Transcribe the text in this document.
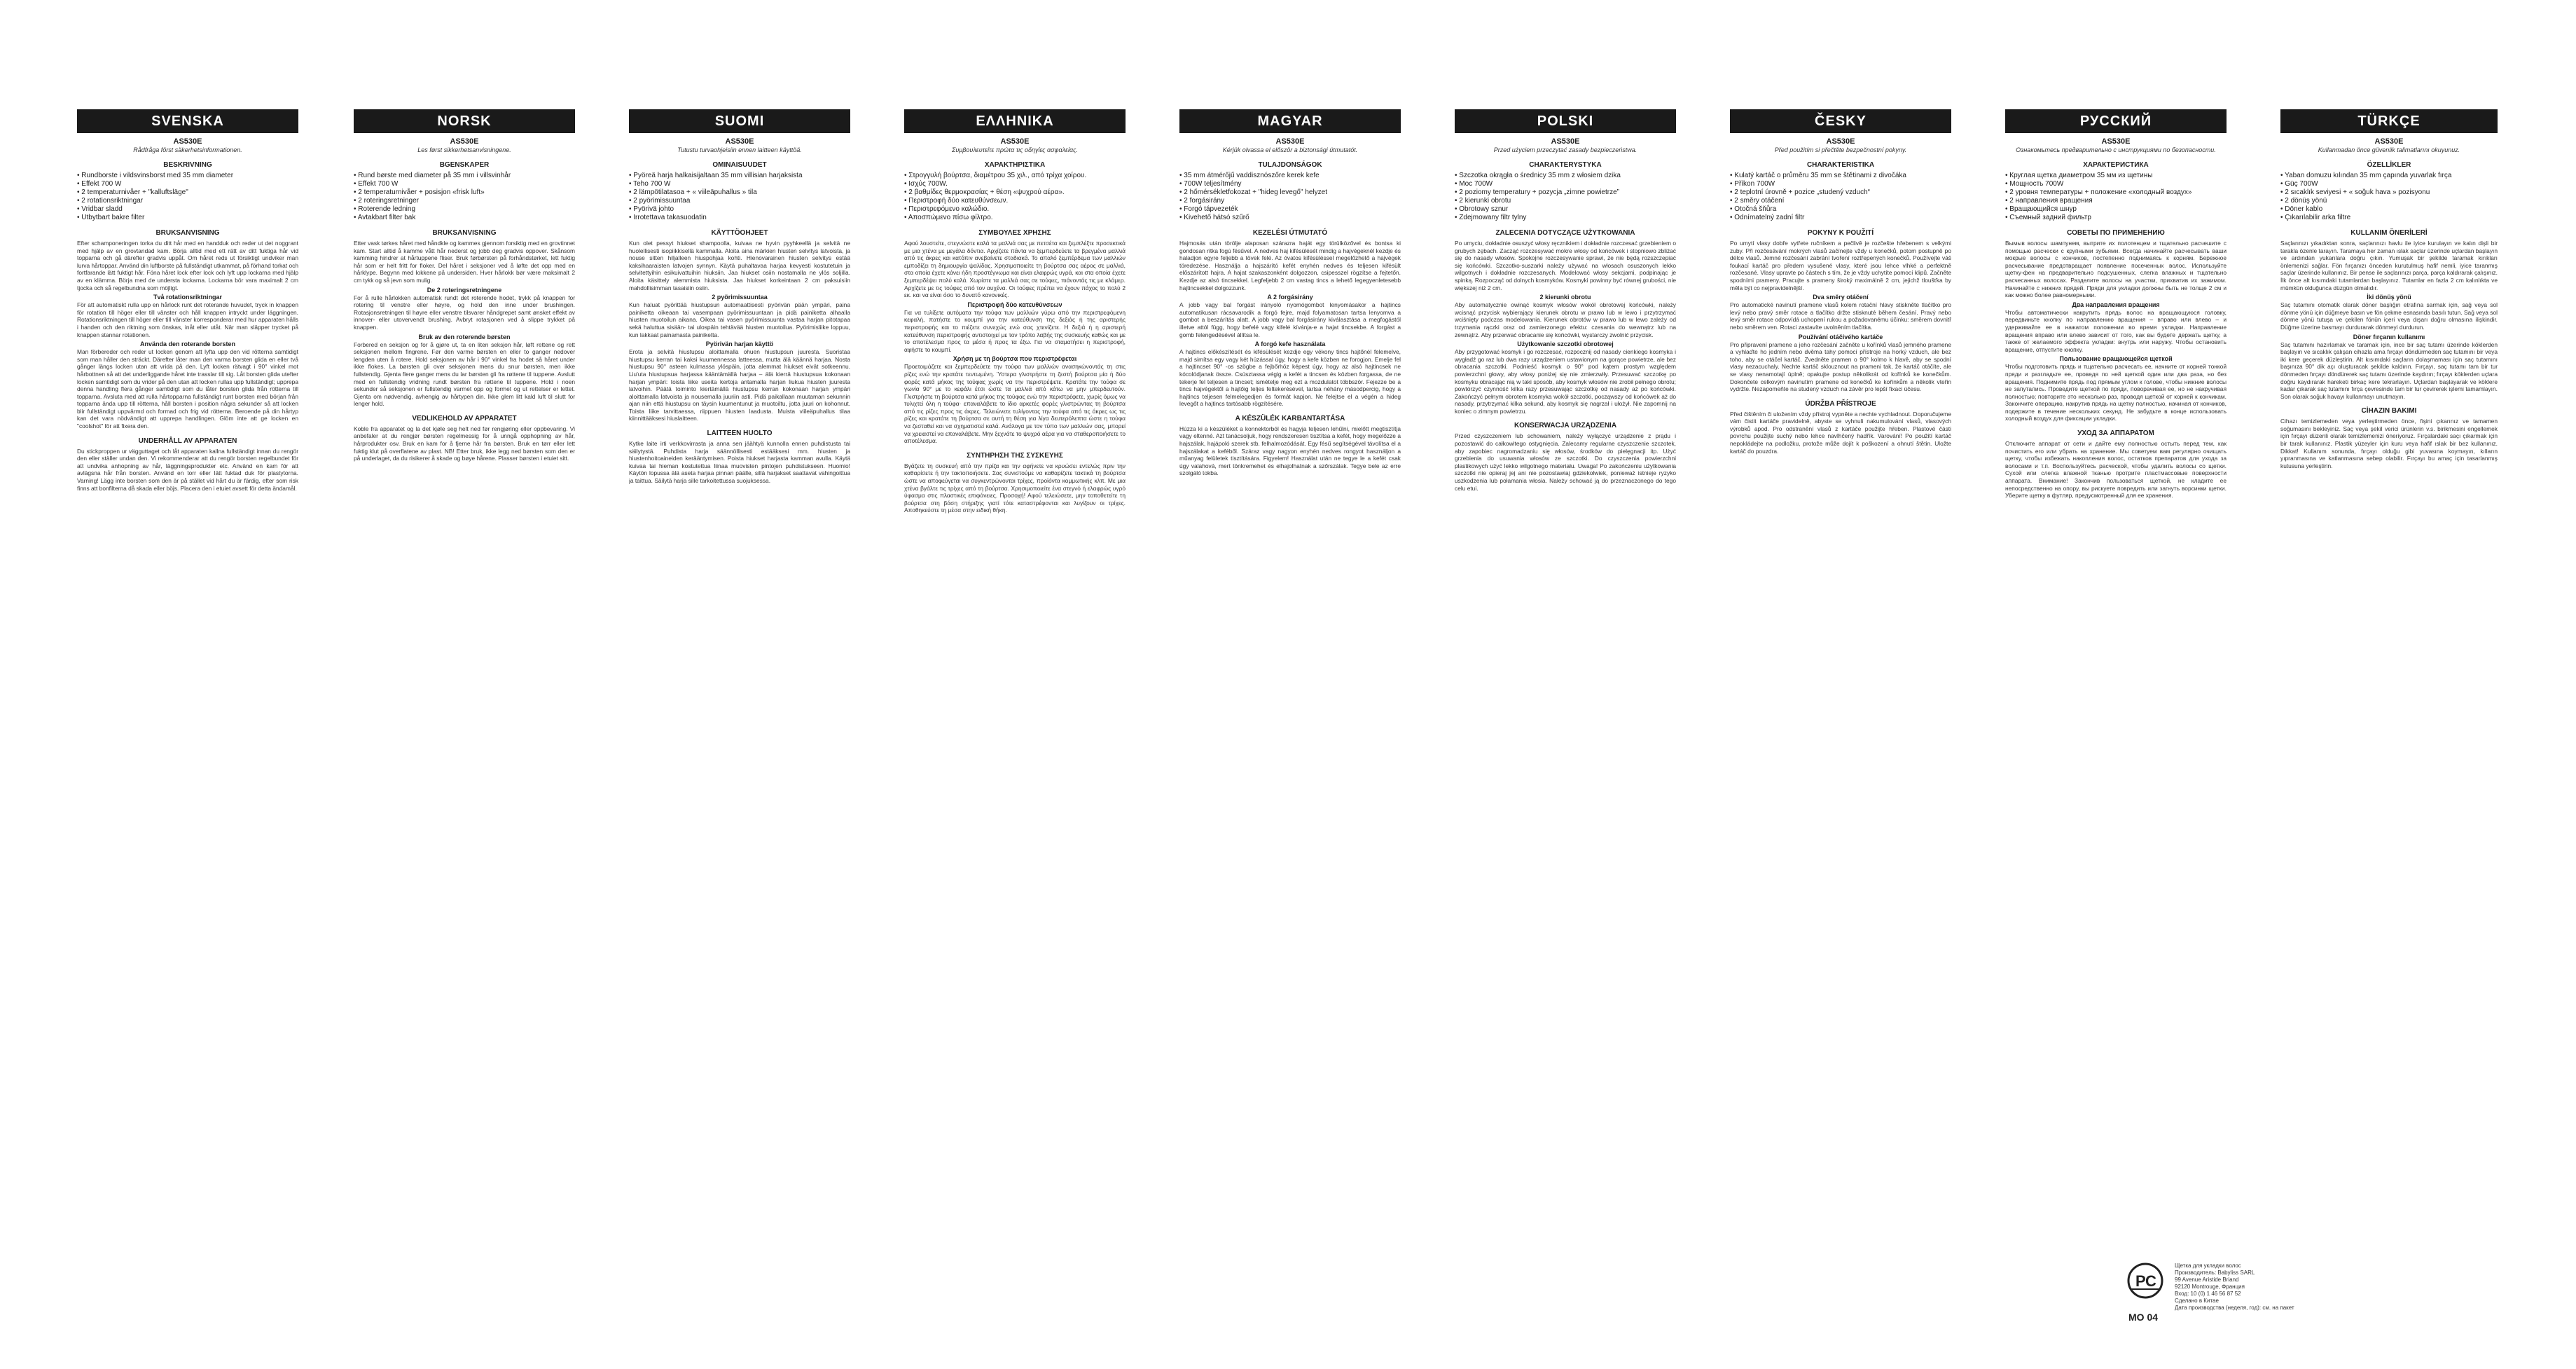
SVENSKA
AS530E
Rådfråga först säkerhetsinformationen.
BESKRIVNING
• Rundborste i vildsvinsborst med 35 mm diameter
• Effekt 700 W
• 2 temperaturnivåer + "kalluftsläge"
• 2 rotationsriktningar
• Vridbar sladd
• Utbytbart bakre filter
BRUKSANVISNING
Efter schamponeringen torka du ditt hår med en handduk och reder ut det noggrant med hjälp av en grovtandad kam. Börja alltid med ett rätt av ditt fuktiga hår vid topparna och gå därefter gradvis uppåt. Om håret reds ut försiktigt undviker man lurva hårtoppar. Använd din luftborste på fullständigt utkammat, på förhand torkat och fortfarande lätt fuktigt hår. Föna håret lock efter lock och lyft upp lockarna med hjälp av en klämma. Börja med de understa lockarna. Lockarna bör vara maximalt 2 cm tjocka och så regelbundna som möjligt.
Två rotationsriktningar
För att automatiskt rulla upp en hårlock runt det roterande huvudet, tryck in knappen för rotation till höger eller till vänster och håll knappen intryckt under läggningen. Rotationsriktningen till höger eller till vänster korresponderar med hur apparaten hålls i handen och den riktning som önskas, inåt eller utåt. När man släpper trycket på knappen stannar rotationen.
Använda den roterande borsten
Man förbereder och reder ut locken genom att lyfta upp den vid rötterna samtidigt som man håller den sträckt. Därefter låter man den varma borsten glida en eller två gånger längs locken utan att vrida på den. Lyft locken rätvagt i 90° vinkel mot hårbottnen så att det underliggande håret inte trasslar till sig. Låt borsten glida utefter locken samtidigt som du vrider på den utan att locken rullas upp fullständigt; upprepa denna handling flera gånger samtidigt som du låter borsten glida från rötterna till topparna. Avsluta med att rulla hårtopparna fullständigt runt borsten med början från topparna ända upp till rötterna, håll borsten i position några sekunder så att locken blir fullständigt uppvärmd och formad och frig vid rötterna. Beroende på din hårtyp kan det vara nödvändigt att upprepa handlingen. Glöm inte att ge locken en "coolshot" för att fixera den.
UNDERHÅLL AV APPARATEN
Du stickproppen ur vägguttaget och låt apparaten kallna fullständigt innan du rengör den eller ställer undan den. Vi rekommenderar att du rengör borsten regelbundet för att undvika anhopning av hår, läggningsprodukter etc. Använd en kam för att avlägsna hår från borsten. Använd en torr eller lätt fuktad duk för plastytorna. Varning! Lägg inte borsten som den är på stället vid hårt du är färdig, efter som risk finns att bonfilterna då skada eller böjs. Placera den i etuiet avsett för detta ändamål.
NORSK
AS530E
Les først sikkerhetsanvisningene.
BGENSKAPER
• Rund børste med diameter på 35 mm i villsvinhår
• Effekt 700 W
• 2 temperaturnivåer + posisjon «frisk luft»
• 2 roteringsretninger
• Roterende ledning
• Avtakbart filter bak
BRUKSANVISNING
Etter vask tørkes håret med håndkle og kammes gjennom forsiktig med en grovtinnet kam. Start alltid å kamme vått hår nederst og jobb deg gradvis oppover. Skånsom kamming hindrer at hårtuppene fliser. Bruk førbørsten på forhåndstørket, lett fuktig hår som er helt fritt for floker. Del håret i seksjoner ved å løfte det opp med en hårklype. Begynn med lokkene på undersiden. Hver hårlokk bør være maksimalt 2 cm tykk og så jevn som mulig.
De 2 roteringsretningene
For å rulle hårlokken automatisk rundt det roterende hodet, trykk på knappen for rotering til venstre eller høyre, og hold den inne under brushingen. Rotasjonsretningen til høyre eller venstre tilsvarer håndgrepet samt ønsket effekt av innover- eller utovervendt brushing. Avbryt rotasjonen ved å slippe trykket på knappen.
Bruk av den roterende børsten
Forbered en seksjon og for å gjøre ut, ta en liten seksjon hår, løft rettene og rett seksjonen mellom fingrene. Før den varme børsten en eller to ganger nedover lengden uten å rotere. Hold seksjonen av hår i 90° vinkel fra hodet så håret under ikke flokes. La børsten gli over seksjonen mens du snur børsten, men ikke fullstendig. Gjenta flere ganger mens du lar børsten gli fra røttene til tuppene. Avslutt med en fullstendig vridning rundt børsten fra røttene til tuppene. Hold i noen sekunder så seksjonen er fullstendig varmet opp og formet og ut rettelser er lettet. Gjenta om nødvendig, avhengig av hårtypen din. Ikke glem litt kald luft til slutt for lenger hold.
VEDLIKEHOLD AV APPARATET
Koble fra apparatet og la det kjøle seg helt ned før rengjøring eller oppbevaring. Vi anbefaler at du rengjør børsten regelmessig for å unngå opphopning av hår, hårprodukter osv. Bruk en kam for å fjerne hår fra børsten. Bruk en tørr eller lett fuktig klut på overflatene av plast. NB! Etter bruk, ikke legg ned børsten som den er på underlaget, da du risikerer å skade og bøye hårene. Plasser børsten i etuiet sitt.
SUOMI
AS530E
Tutustu turvaohjeisiin ennen laitteen käyttöä.
OMINAISUUDET
• Pyöreä harja halkaisijaltaan 35 mm villisian harjaksista
• Teho 700 W
• 2 lämpötilatasoa + « viileäpuhallus » tila
• 2 pyörimissuuntaa
• Pyörivä johto
• Irrotettava takasuodatin
KÄYTTÖOHJEET
Kun olet pessyt hiukset shampoolla, kuivaa ne hyvin pyyhkeellä ja selvitä ne huolellisesti isopiikkisellä kammalla. Aloita aina märkien hiusten selvitys latvoista, ja nouse sitten hiljalleen hiuspohjaa kohti. Hienovarainen hiusten selvitys estää kaksihaaraisten latvojen synnyn. Käytä puhaltavaa harjaa kevyesti kostutetuin ja selvitettyihin esikuivattuihin hiuksiin. Jaa hiukset osiin nostamalla ne ylös soljilla. Aloita käsittely alemmista hiuksista. Jaa hiukset korkeintaan 2 cm paksuisiin mahdollisimman tasaisiin osiin.
2 pyörimissuuntaa
Kun haluat pyörittää hiustupsun automaattisesti pyörivän pään ympäri, paina painiketta oikeaan tai vasempaan pyörimissuuntaan ja pidä painiketta alhaalla hiusten muotoilun aikana. Oikea tai vasen pyörimissuunta vastaa harjan pitotapaa sekä haluttua sisään- tai ulospäin tehtävää hiusten muotoilua. Pyörimisliike loppuu, kun lakkaat painamasta painiketta.
Pyörivän harjan käyttö
Erota ja selvitä hiustupsu aloittamalla ohuen hiustupsun juuresta. Suoristaa hiustupsu kerran tai kaksi kuumennessa latteessa, mutta älä käännä harjaa. Nosta hiustupsu 90° asteen kulmassa ylöspäin, jotta alemmat hiukset eivät sotkeennu. Liu'uta hiustupsua harjassa kääntämällä harjaa – älä kierrä hiustupsua kokonaan harjan ympäri: toista liike useita kertoja antamalla harjan liukua hiusten juuresta latvoihin. Päätä toiminto kiertämällä hiustupsu kerran kokonaan harjan ympäri aloittamalla latvoista ja nousemalla juuriin asti. Pidä paikallaan muutaman sekunnin ajan niin että hiustupsu on täysin kuumentunut ja muotoiltu, jotta juuri on kohonnut. Toista liike tarvittaessa, riippuen hiusten laadusta. Muista viileäpuhallus tilaa kiinnittääksesi hiuslaitteen.
LAITTEEN HUOLTO
Kytke laite irti verkkovirrasta ja anna sen jäähtyä kunnolla ennen puhdistusta tai säilytystä. Puhdista harja säännöllisesti estääksesi mm. hiusten ja hiustenhoitoaineiden kerääntymisen. Poista hiukset harjasta kamman avulla. Käytä kuivaa tai hieman kostutettua liinaa muovisten pintojen puhdistukseen. Huomio! Käytön lopussa älä aseta harjaa pinnan päälle, sillä harjakset saattavat vahingoittua ja taittua. Säilytä harja sille tarkoitettussa suojuksessa.
ΕΛΛΗΝΙΚΑ
AS530E
Συμβουλευτείτε πρώτα τις οδηγίες ασφαλείας.
ΧΑΡΑΚΤΗΡΙΣΤΙΚΑ
• Στρογγυλή βούρτσα, διαμέτρου 35 χιλ., από τρίχα χοίρου.
• Ισχύς 700W.
• 2 βαθμίδες θερμοκρασίας + θέση «ψυχρού αέρα».
• Περιστροφή δύο κατευθύνσεων.
• Περιστρεφόμενο καλώδιο.
• Αποσπώμενο πίσω φίλτρο.
ΣΥΜΒΟΥΛΕΣ ΧΡΗΣΗΣ
Αφού λουστείτε, στεγνώστε καλά τα μαλλιά σας με πετσέτα και ξεμπλέξτε προσεκτικά με μια χτένα με μεγάλα δόντια. Αρχίζετε πάντα να ξεμπερδεύετε τα βρεγμένα μαλλιά από τις άκρες και κατόπιν ανεβαίνετε σταδιακά. Το απαλό ξεμπέρδεμα των μαλλιών εμποδίζει τη δημιουργία ψαλίδας. Χρησιμοποιείτε τη βούρτσα σας αέρος σε μαλλιά, στα οποία έχετε κάνει ήδη προστέγνωμα και είναι ελαφρώς υγρά, και στα οποία έχετε ξεμπερδέψει πολύ καλά. Χωρίστε τα μαλλιά σας σε τούφες, πιάνοντάς τις με κλάμερ. Αρχίζετε με τις τούφες από τον αυχένα. Οι τούφες πρέπει να έχουν πάχος το πολύ 2 εκ. και να είναι όσο το δυνατό κανονικές.
Περιστροφή δύο κατευθύνσεων
Για να τυλίξετε αυτόματα την τούφα των μαλλιών γύρω από την περιστρεφόμενη κεφαλή, πατήστε το κουμπί για την κατεύθυνση της δεξιάς ή της αριστερής περιστροφής και το πιέζετε συνεχώς ενώ σας χτενίζετε. Η δεξιά ή η αριστερή κατεύθυνση περιστροφής αντιστοιχεί με τον τρόπο λαβής της συσκευής καθώς και με το αποτέλεσμα προς τα μέσα ή προς τα έξω. Για να σταματήσει η περιστροφή, αφήστε το κουμπί.
Χρήση με τη βούρτσα που περιστρέφεται
Προετοιμάζετε και ξεμπερδεύετε την τούφα των μαλλιών ανασηκώνοντάς τη στις ρίζες ενώ την κρατάτε τεντωμένη. Ύστερα γλιστρήστε τη ζεστή βούρτσα μία ή δύο φορές κατά μήκος της τούφας χωρίς να την περιστρέψετε. Κρατάτε την τούφα σε γωνία 90° με το κεφάλι έτσι ώστε τα μαλλιά από κάτω να μην μπερδευτούν. Γλιστρήστε τη βούρτσα κατά μήκος της τούφας ενώ την περιστρέφετε, χωρίς όμως να τυλιχτεί όλη η τούφα· επαναλάβετε το ίδιο αρκετές φορές γλιστρώντας τη βούρτσα από τις ρίζες προς τις άκρες. Τελειώνετε τυλίγοντας την τούφα από τις άκρες ως τις ρίζες και κρατάτε τη βούρτσα σε αυτή τη θέση για λίγα δευτερόλεπτα ώστε η τούφα να ζεσταθεί και να σχηματιστεί καλά. Ανάλογα με τον τύπο των μαλλιών σας, μπορεί να χρειαστεί να επαναλάβετε. Μην ξεχνάτε το ψυχρό αέρα για να σταθεροποιήσετε το αποτέλεσμα.
ΣΥΝΤΗΡΗΣΗ ΤΗΣ ΣΥΣΚΕΥΗΣ
Βγάζετε τη συσκευή από την πρίζα και την αφήνετε να κρυώσει εντελώς πριν την καθαρίσετε ή την τακτοποιήσετε. Σας συνιστούμε να καθαρίζετε τακτικά τη βούρτσα ώστε να αποφεύγεται να συγκεντρώνονται τρίχες, προϊόντα κομμωτικής κλπ. Με μια χτένα βγάλτε τις τρίχες από τη βούρτσα. Χρησιμοποιείτε ένα στεγνό ή ελαφρώς υγρό ύφασμα στις πλαστικές επιφάνειες. Προσοχή! Αφού τελειώσετε, μην τοποθετείτε τη βούρτσα στη βάση στήριξης γιατί τότε καταστρέφονται και λυγίζουν οι τρίχες. Αποθηκεύστε τη μέσα στην ειδική θήκη.
MAGYAR
AS530E
Kérjük olvassa el először a biztonsági útmutatót.
TULAJDONSÁGOK
• 35 mm átmérőjű vaddisznószőre kerek kefe
• 700W teljesítmény
• 2 hőmérsékletfokozat + "hideg levegő" helyzet
• 2 forgásirány
• Forgó tápvezeték
• Kivehető hátsó szűrő
KEZELÉSI ÚTMUTATÓ
Hajmosás után törölje alaposan szárazra haját egy törülközővel és bontsa ki gondosan ritka fogú fésűvel. A nedves haj kifésülését mindig a hajvégeknél kezdje és haladjon egyre feljebb a tövek felé. Az óvatos kifésüléssel megelőzhető a hajvégek töredezése. Használja a hajszárító kefét enyhén nedves és teljesen kifésült előszárított hajra. A hajat szakaszonként dolgozzon, csipesszel rögzítse a fejtetőn. Kezdje az alsó tincsekkel. Legfeljebb 2 cm vastag tincs a lehető legegyenletesebb hajtincsekkel dolgozzunk.
A 2 forgásirány
A jobb vagy bal forgást irányoló nyomógombot lenyomásakor a hajtincs automatikusan rácsavarodik a forgó fejre, majd folyamatosan tartsa lenyomva a gombot a beszárítás alatt. A jobb vagy bal forgásirány kiválasztása a megfogástól illetve attól függ, hogy befelé vagy kifelé kívánja-e a hajat tincsekbe. A forgást a gomb felengedésével állítsa le.
A forgó kefe használata
A hajtincs előkészítését és kifésülését kezdje egy vékony tincs hajtőnél felemelve, majd simítsa egy vagy két húzással úgy, hogy a kefe közben ne forogjon. Emelje fel a hajtincset 90° -os szögbe a fejbőrhöz képest úgy, hogy az alsó hajtincsek ne kócolódjanak össze. Csúsztassa végig a kefét a tincsen és közben forgassa, de ne tekerje fel teljesen a tincset; ismételje meg ezt a mozdulatot többször. Fejezze be a tincs hajvégektől a hajtőig teljes feltekerésével, tartsa néhány másodpercig, hogy a hajtincs teljesen felmelegedjen és formát kapjon. Ne felejtse el a végén a hideg levegőt a hajtincs tartósabb rögzítésére.
A KÉSZÜLÉK KARBANTARTÁSA
Húzza ki a készüléket a konnektorból és hagyja teljesen lehűlni, mielőtt megtisztítja vagy eltenné. Azt tanácsoljuk, hogy rendszeresen tisztítsa a kefét, hogy megelőzze a hajszálak, hajápoló szerek stb. felhalmozódását. Egy fésű segítségével távolítsa el a hajszálakat a keféből. Száraz vagy nagyon enyhén nedves rongyot használjon a műanyag felületek tisztítására. Figyelem! Használat után ne tegye le a kefét csak úgy valahová, mert tönkremehet és elhajolhatnak a szőrszálak. Tegye bele az erre szolgáló tokba.
POLSKI
AS530E
Przed użyciem przeczytać zasady bezpieczeństwa.
CHARAKTERYSTYKA
• Szczotka okrągła o średnicy 35 mm z włosiem dzika
• Moc 700W
• 2 poziomy temperatury + pozycja „zimne powietrze”
• 2 kierunki obrotu
• Obrotowy sznur
• Zdejmowany filtr tylny
ZALECENIA DOTYCZĄCE UŻYTKOWANIA
Po umyciu, dokładnie osuszyć włosy ręcznikiem i dokładnie rozczesać grzebieniem o grubych zębach. Zacząć rozczesywać mokre włosy od końcówek i stopniowo zbliżać się do nasady włosów. Spokojne rozczesywanie sprawi, że nie będą rozszczepiać się końcówki. Szczotko-suszarki należy używać na włosach osuszonych lekko wilgotnych i dokładnie rozczesanych. Modelować włosy sekcjami, podpinając je spinką. Rozpocząć od dolnych kosmyków. Kosmyki powinny być równej grubości, nie większej niż 2 cm.
2 kierunki obrotu
Aby automatycznie owinąć kosmyk włosów wokół obrotowej końcówki, należy wcisnąć przycisk wybierający kierunek obrotu w prawo lub w lewo i przytrzymać wciśnięty podczas modelowania. Kierunek obrotów w prawo lub w lewo zależy od trzymania rączki oraz od zamierzonego efektu: czesania do wewnątrz lub na zewnątrz. Aby przerwać obracanie się końcówki, wystarczy zwolnić przycisk.
Użytkowanie szczotki obrotowej
Aby przygotować kosmyk i go rozczesać, rozpocznij od nasady cienkiego kosmyka i wygładź go raz lub dwa razy urządzeniem ustawionym na gorące powietrze, ale bez obracania szczotki. Podnieść kosmyk o 90° pod kątem prostym względem powierzchni głowy, aby włosy poniżej się nie zmierzwiły. Przesuwać szczotkę po kosmyku obracając nią w taki sposób, aby kosmyk włosów nie zrobił pełnego obrotu; powtórzyć czynność kilka razy przesuwając szczotkę od nasady aż po końcówki. Zakończyć pełnym obrotem kosmyka wokół szczotki, począwszy od końcówek aż do nasady, przytrzymać kilka sekund, aby kosmyk się nagrzał i ułożył. Nie zapomnij na koniec o zimnym powietrzu.
KONSERWACJA URZĄDZENIA
Przed czyszczeniem lub schowaniem, należy wyłączyć urządzenie z prądu i pozostawić do całkowitego ostygnięcia. Zalecamy regularne czyszczenie szczotek, aby zapobiec nagromadzaniu się włosów, środków do pielęgnacji itp. Użyć grzebienia do usuwania włosów ze szczotki. Do czyszczenia powierzchni plastikowych użyć lekko wilgotnego materiału. Uwaga! Po zakończeniu użytkowania szczotki nie opieraj jej ani nie pozostawiaj gdziekolwiek, ponieważ istnieje ryzyko uszkodzenia lub połamania włosia. Należy schować ją do przeznaczonego do tego celu etui.
ČESKY
AS530E
Před použitím si přečtěte bezpečnostní pokyny.
CHARAKTERISTIKA
• Kulatý kartáč o průměru 35 mm se štětinami z divočáka
• Příkon 700W
• 2 teplotní úrovně + pozice „studený vzduch“
• 2 směry otáčení
• Otočná šňůra
• Odnímatelný zadní filtr
POKYNY K POUŽITÍ
Po umytí vlasy dobře vytřete ručníkem a pečlivě je rozčešte hřebenem s velkými zuby. Při rozčesávání mokrých vlasů začínejte vždy u konečků, potom postupně po délce vlasů. Jemné rozčesání zabrání tvoření roztřepených konečků. Používejte váš foukací kartáč pro předem vysušené vlasy, které jsou lehce vlhké a perfektně rozčesané. Vlasy upravte po částech s tím, že je vždy uchytíte pomocí klipů. Začněte spodními prameny. Pracujte s prameny široký maximálně 2 cm, jejichž tloušťka by měla být co nejpravidelnější.
Dva směry otáčení
Pro automatické navinutí pramene vlasů kolem rotační hlavy stiskněte tlačítko pro levý nebo pravý směr rotace a tlačítko držte stisknuté během česání. Pravý nebo levý směr rotace odpovídá uchopení rukou a požadovanému účinku: směrem dovnitř nebo směrem ven. Rotaci zastavíte uvolněním tlačítka.
Používání otáčivého kartáče
Pro připravení pramene a jeho rozčesání začněte u kořínků vlasů jemného pramene a vyhlaďte ho jedním nebo dvěma tahy pomocí přístroje na horký vzduch, ale bez toho, aby se otáčel kartáč. Zvedněte pramen o 90° kolmo k hlavě, aby se spodní vlasy nezacuchaly. Nechte kartáč sklouznout na prameni tak, že kartáč otáčíte, ale se vlasy nenamotají úplně; opakujte postup několikrát od kořínků ke konečkům. Dokončete celkovým navinutím pramene od konečků ke kořínkům a několik vteřin vydržte. Nezapomeňte na studený vzduch na závěr pro lepší fixaci účesu.
ÚDRŽBA PŘÍSTROJE
Před čištěním či uložením vždy přístroj vypněte a nechte vychladnout. Doporučujeme vám čistit kartáče pravidelně, abyste se vyhnuli nakumulování vlasů, vlasových výrobků apod. Pro odstranění vlasů z kartáče použijte hřeben. Plastové části povrchu použijte suchý nebo lehce navlhčený hadřík. Varování! Po použití kartáč nepokládejte na podložku, protože může dojít k poškození a ohnutí štětin. Uložte kartáč do pouzdra.
РУССКИЙ
AS530E
Ознакомьтесь предварительно с инструкциями по безопасности.
ХАРАКТЕРИСТИКА
• Круглая щетка диаметром 35 мм из щетины
• Мощность 700W
• 2 уровня температуры + положение «холодный воздух»
• 2 направления вращения
• Вращающийся шнур
• Съемный задний фильтр
СОВЕТЫ ПО ПРИМЕНЕНИЮ
Вымыв волосы шампунем, вытрите их полотенцем и тщательно расчешите с помощью расчески с крупными зубьями. Всегда начинайте расчесывать ваши мокрые волосы с кончиков, постепенно поднимаясь к корням. Бережное расчесывание предотвращает появление посеченных волос. Используйте щетку-фен на предварительно подсушенных, слегка влажных и тщательно расчесанных волосах. Разделите волосы на участки, прихватив их зажимом. Начинайте с нижних прядей. Пряди для укладки должны быть не толще 2 см и как можно более равномерными.
Два направления вращения
Чтобы автоматически накрутить прядь волос на вращающуюся головку, передвиньте кнопку по направлению вращения – вправо или влево – и удерживайте ее в нажатом положении во время укладки. Направление вращения вправо или влево зависит от того, как вы будете держать щетку, а также от желаемого эффекта укладки: внутрь или наружу. Чтобы остановить вращение, отпустите кнопку.
Пользование вращающейся щеткой
Чтобы подготовить прядь и тщательно расчесать ее, начните от корней тонкой пряди и разгладьте ее, проведя по ней щеткой один или два раза, но без вращения. Поднимите прядь под прямым углом к голове, чтобы нижние волосы не запутались. Проведите щеткой по пряди, поворачивая ее, но не накручивая полностью; повторите это несколько раз, проводя щеткой от корней к кончикам. Закончите операцию, накрутив прядь на щетку полностью, начиная от кончиков, подержите в течение нескольких секунд. Не забудьте в конце использовать холодный воздух для фиксации укладки.
УХОД ЗА АППАРАТОМ
Отключите аппарат от сети и дайте ему полностью остыть перед тем, как почистить его или убрать на хранение. Мы советуем вам регулярно очищать щетку, чтобы избежать накопления волос, остатков препаратов для ухода за волосами и т.п. Воспользуйтесь расческой, чтобы удалить волосы со щетки. Сухой или слегка влажной тканью протрите пластмассовые поверхности аппарата. Внимание! Закончив пользоваться щеткой, не кладите ее непосредственно на опору, вы рискуете повредить или загнуть ворсинки щетки. Уберите щетку в футляр, предусмотренный для ее хранения.
TÜRKÇE
AS530E
Kullanmadan önce güvenlik talimatlarını okuyunuz.
ÖZELLİKLER
• Yaban domuzu kılından 35 mm çapında yuvarlak fırça
• Güç 700W
• 2 sıcaklık seviyesi + « soğuk hava » pozisyonu
• 2 dönüş yönü
• Döner kablo
• Çıkarılabilir arka filtre
KULLANIM ÖNERİLERİ
Saçlarınızı yıkadıktan sonra, saçlarınızı havlu ile iyice kurulayın ve kalın dişli bir tarakla özenle tarayın. Taramaya her zaman ıslak saçlar üzerinde uçlardan başlayın ve ardından yukarılara doğru çıkın. Yumuşak bir şekilde taramak kırıkları önlemenizi sağlar. Fön fırçanızı önceden kurutulmuş hafif nemli, iyice taranmış saçlar üzerinde kullanınız. Bir pense ile saçlarınızı parça, parça kaldırarak çalışınız. İlk önce alt kısımdaki tutamlardan başlayınız. Tutamlar en fazla 2 cm kalınlıkta ve mümkün olduğunca düzgün olmalıdır.
İki dönüş yönü
Saç tutamını otomatik olarak döner başlığın etrafına sarmak için, sağ veya sol dönme yönü için düğmeye basın ve fön çekme esnasında basılı tutun. Sağ veya sol dönme yönü tutuşa ve çekilen fönün içeri veya dışarı doğru olmasına ilişkindir. Düğme üzerine basmayı durdurarak dönmeyi durdurun.
Döner fırçanın kullanımı
Saç tutamını hazırlamak ve taramak için, ince bir saç tutamı üzerinde köklerden başlayın ve sıcaklık çalışan cihazla ama fırçayı döndürmeden saç tutamını bir veya iki kere geçerek düzleştirin. Alt kısımdaki saçların dolaşmaması için saç tutamını başınıza 90° dik açı oluşturacak şekilde kaldırın. Fırçayı, saç tutamı tam bir tur dönmeden fırçayı döndürerek saç tutamı üzerinde kaydırın; fırçayı köklerden uçlara doğru kaydırarak hareketi birkaç kere tekrarlayın. Uçlardan başlayarak ve köklere kadar çıkarak saç tutamını fırça çevresinde tam bir tur çevirerek işlemi tamamlayın. Son olarak soğuk havayı kullanmayı unutmayın.
CİHAZIN BAKIMI
Cihazı temizlemeden veya yerleştirmeden önce, fişini çıkarınız ve tamamen soğumasını bekleyiniz. Saç veya şekil verici ürünlerin v.s. birikmesini engellemek için fırçayı düzenli olarak temizlemenizi öneriyoruz. Fırçalardaki saçı çıkarmak için bir tarak kullanınız. Plastik yüzeyler için kuru veya hafif ıslak bir bez kullanınız. Dikkat! Kullanım sonunda, fırçayı olduğu gibi yuvasına koymayın, kılların yıpranmasına ve katlanmasına sebep olabilir. Fırçayı bu amaç için tasarlanmış kutusuna yerleştirin.
P C
МО 04
Щетка для укладки волос
Производитель: Babyliss SARL
99 Avenue Aristide Briand
92120 Montrouge, Франция
Вход: 10 (0) 1 46 56 87 52
Сделано в Китае
Дата производства (неделя, год): см. на пакет
